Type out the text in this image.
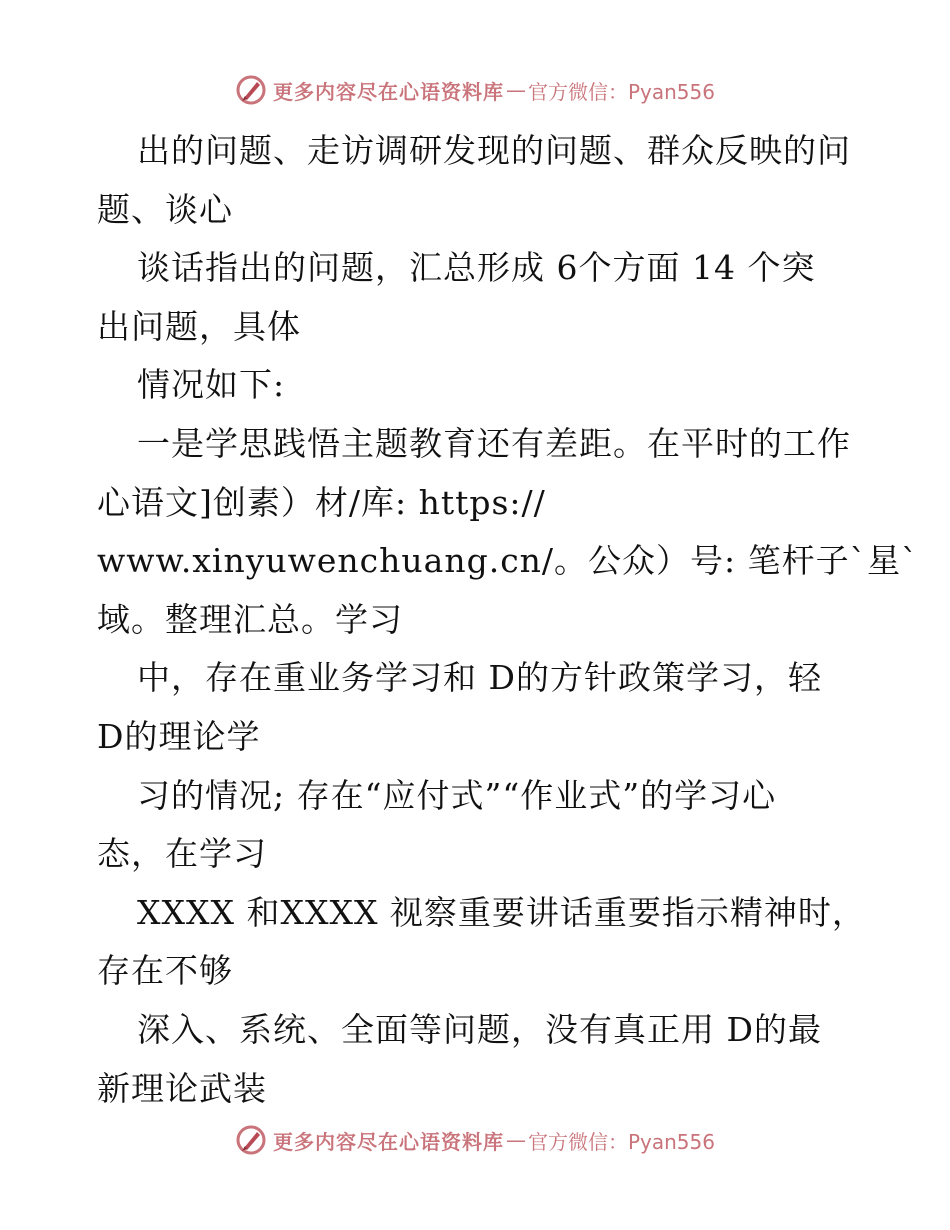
更多内容尽在心语资料库 — 官方微信：Pyan556
出的问题、走访调研发现的问题、群众反映的问
题、谈心
谈话指出的问题，汇总形成 6个方面 14 个突
出问题，具体
情况如下:
一是学思践悟主题教育还有差距。在平时的工作
心语文]创素）材/库: https://
www.xinyuwenchuang.cn/。公众）号: 笔杆子`星`
域。整理汇总。学习
中，存在重业务学习和 D的方针政策学习，轻
D的理论学
习的情况; 存在“应付式”“作业式”的学习心
态，在学习
XXXX 和XXXX 视察重要讲话重要指示精神时，
存在不够
深入、系统、全面等问题，没有真正用 D的最
新理论武装
更多内容尽在心语资料库 — 官方微信：Pyan556
